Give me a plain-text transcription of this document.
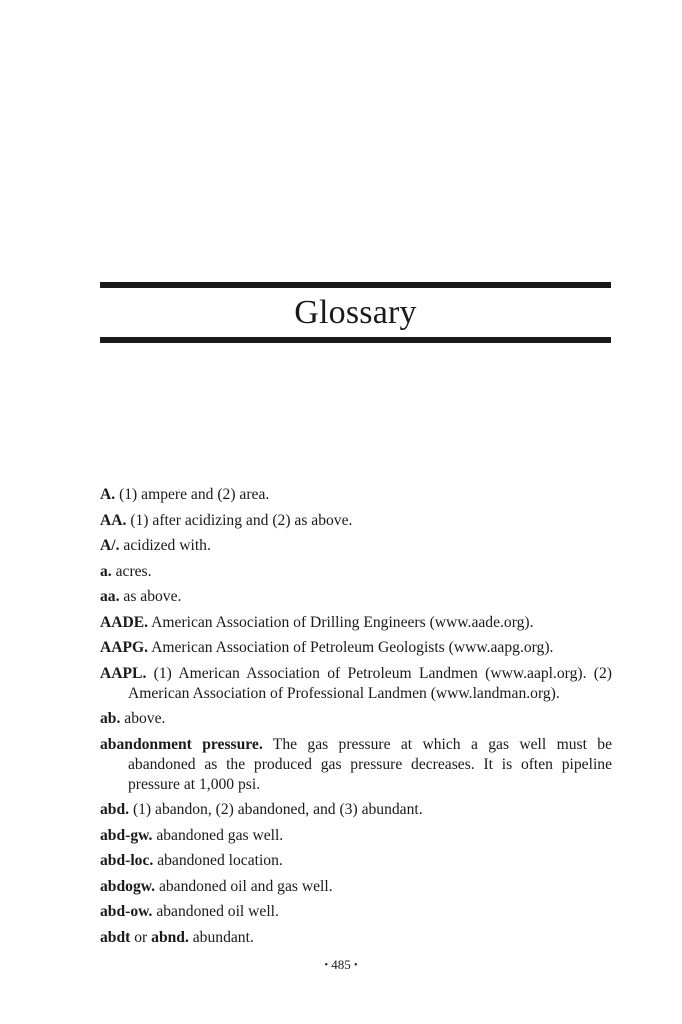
Glossary

A. (1) ampere and (2) area.

AA. (1) after acidizing and (2) as above.

A/. acidized with.

a. acres.

aa. as above.

AADE. American Association of Drilling Engineers (www.aade.org).

AAPG. American Association of Petroleum Geologists (www.aapg.org).

AAPL. (1) American Association of Petroleum Landmen (www.aapl.org). (2) American Association of Professional Landmen (www.landman.org).

ab. above.

abandonment pressure. The gas pressure at which a gas well must be abandoned as the produced gas pressure decreases. It is often pipeline pressure at 1,000 psi.

abd. (1) abandon, (2) abandoned, and (3) abundant.

abd-gw. abandoned gas well.

abd-loc. abandoned location.

abdogw. abandoned oil and gas well.

abd-ow. abandoned oil well.

abdt or abnd. abundant.

• 485 •
